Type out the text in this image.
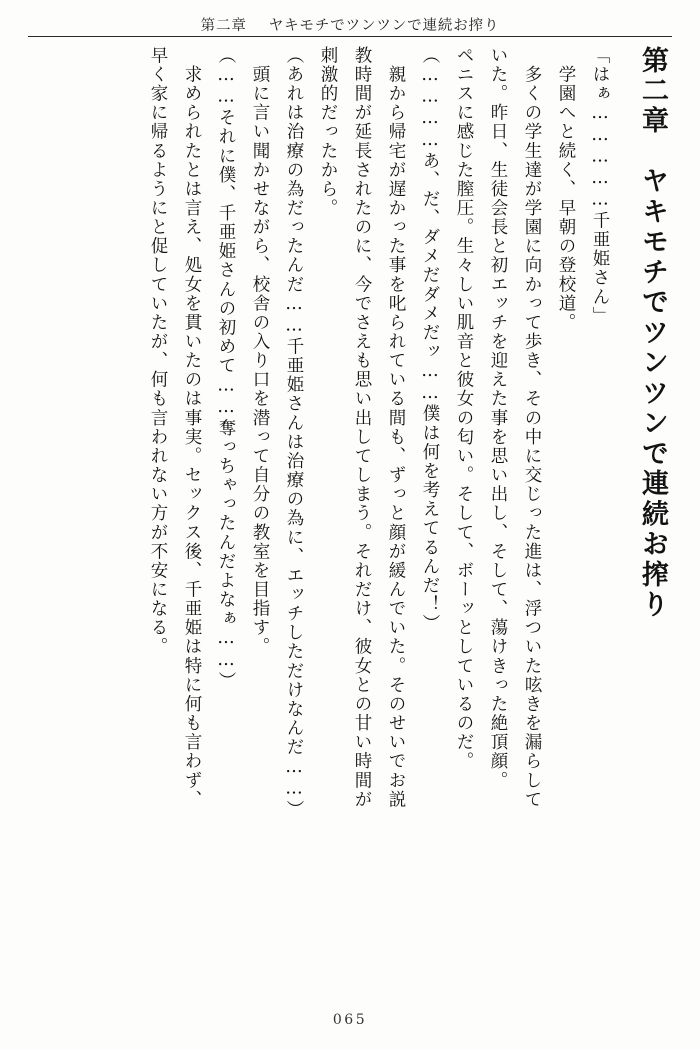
第二章 ヤキモチでツンツンで連続お搾り
第二章　ヤキモチでツンツンで連続お搾り
「はぁ……………千亜姫さん」
　学園へと続く、早朝の登校道。
　多くの学生達が学園に向かって歩き、その中に交じった進は、浮ついた呟きを漏らして
いた。昨日、生徒会長と初エッチを迎えた事を思い出し、そして、蕩けきった絶頂顔。
ペニスに感じた膣圧。生々しい肌音と彼女の匂い。そして、ボーッとしているのだ。
（…………あ、だ、ダメだダメだッ……僕は何を考えてるんだ！）
　親から帰宅が遅かった事を叱られている間も、ずっと顔が緩んでいた。そのせいでお説
教時間が延長されたのに、今でさえも思い出してしまう。それだけ、彼女との甘い時間が
刺激的だったから。
（あれは治療の為だったんだ……千亜姫さんは治療の為に、エッチしただけなんだ……）
　頭に言い聞かせながら、校舎の入り口を潜って自分の教室を目指す。
（……それに僕、千亜姫さんの初めて……奪っちゃったんだよなぁ……）
　求められたとは言え、処女を貫いたのは事実。セックス後、千亜姫は特に何も言わず、
早く家に帰るようにと促していたが、何も言われない方が不安になる。
065
